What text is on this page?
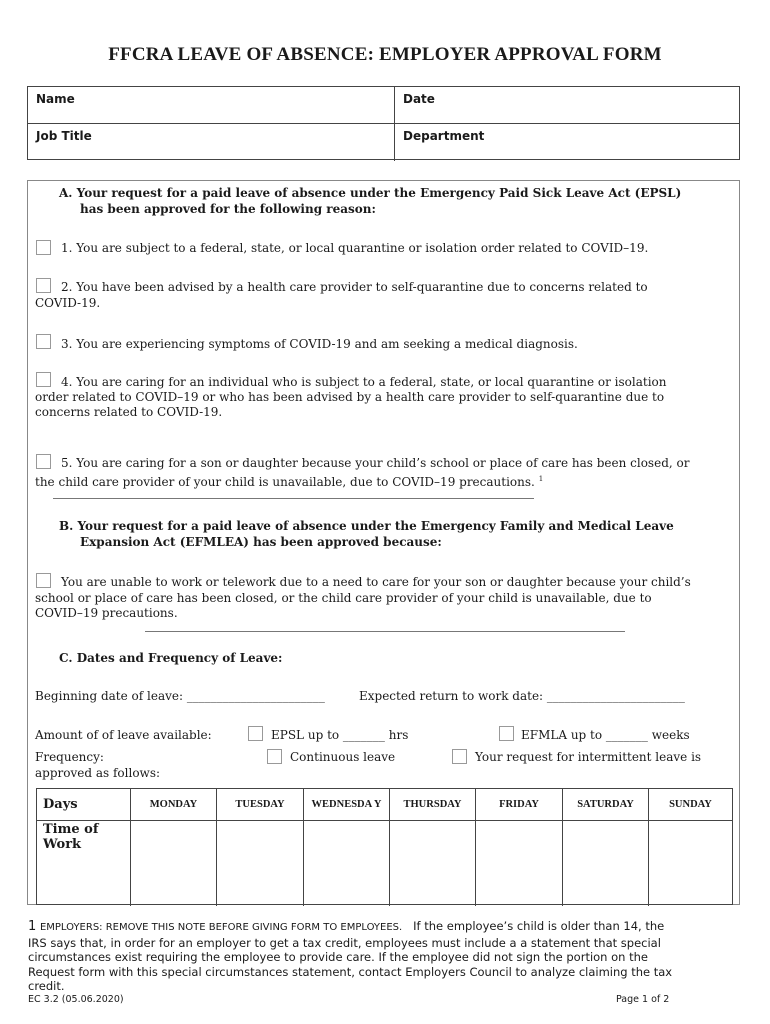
FFCRA LEAVE OF ABSENCE: EMPLOYER APPROVAL FORM
Name	Date
Job Title	Department
A. Your request for a paid leave of absence under the Emergency Paid Sick Leave Act (EPSL)
has been approved for the following reason:
1. You are subject to a federal, state, or local quarantine or isolation order related to COVID–19.
2. You have been advised by a health care provider to self-quarantine due to concerns related to
COVID-19.
3. You are experiencing symptoms of COVID-19 and am seeking a medical diagnosis.
4. You are caring for an individual who is subject to a federal, state, or local quarantine or isolation
order related to COVID–19 or who has been advised by a health care provider to self-quarantine due to
concerns related to COVID-19.
5. You are caring for a son or daughter because your child’s school or place of care has been closed, or
the child care provider of your child is unavailable, due to COVID–19 precautions. $^1$
B. Your request for a paid leave of absence under the Emergency Family and Medical Leave
Expansion Act (EFMLEA) has been approved because:
You are unable to work or telework due to a need to care for your son or daughter because your child’s
school or place of care has been closed, or the child care provider of your child is unavailable, due to
COVID–19 precautions.
C. Dates and Frequency of Leave:
Beginning date of leave: _______________________	Expected return to work date: _______________________
Amount of of leave available:	EPSL up to _______ hrs	EFMLA up to _______ weeks
Frequency:	Continuous leave	Your request for intermittent leave is
approved as follows:
Days	MONDAY	TUESDAY	WEDNESDA Y	THURSDAY	FRIDAY	SATURDAY	SUNDAY
Time of
Work
1 EMPLOYERS: REMOVE THIS NOTE BEFORE GIVING FORM TO EMPLOYEES. If the employee’s child is older than 14, the
IRS says that, in order for an employer to get a tax credit, employees must include a a statement that special
circumstances exist requiring the employee to provide care. If the employee did not sign the portion on the
Request form with this special circumstances statement, contact Employers Council to analyze claiming the tax
credit.
EC 3.2 (05.06.2020)	Page 1 of 2
